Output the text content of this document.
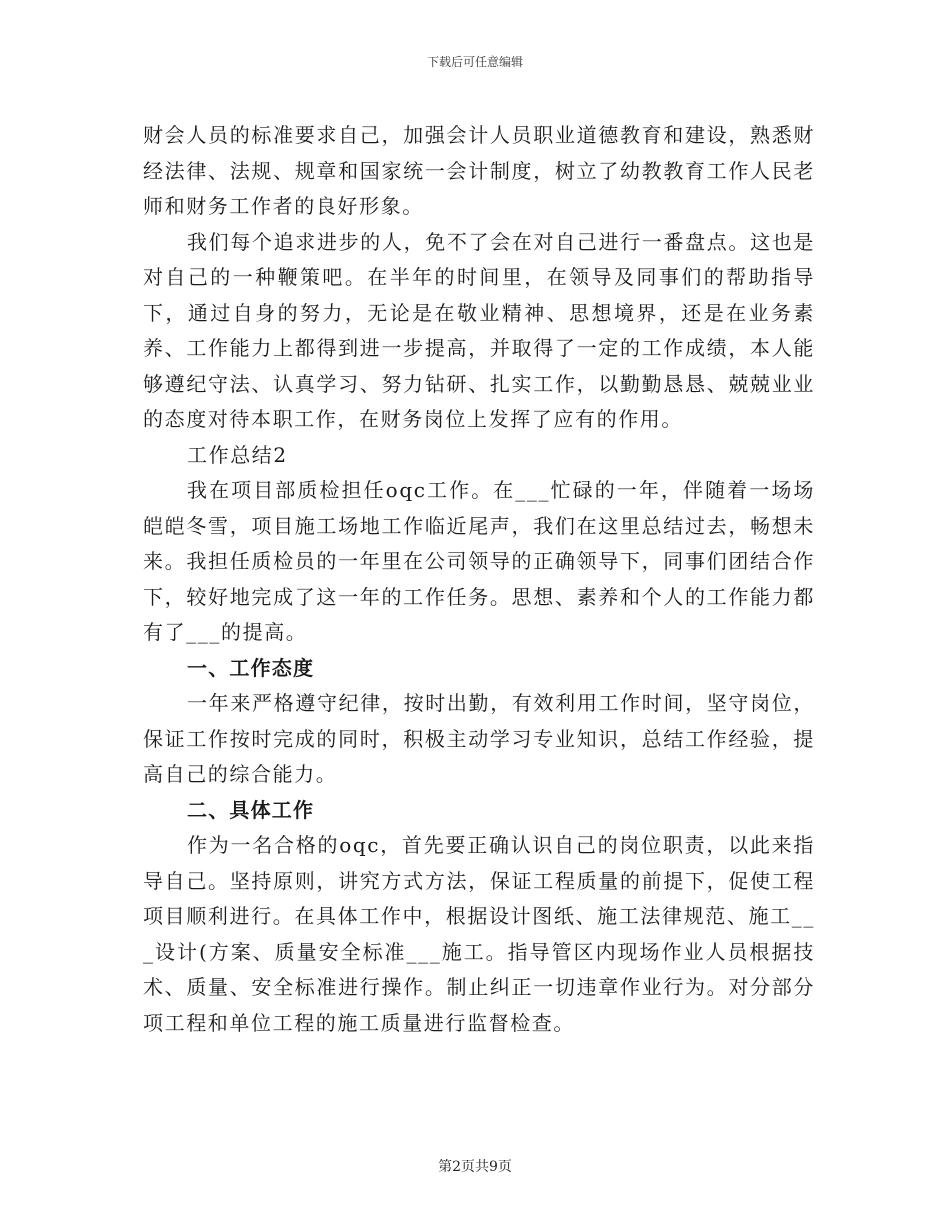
下载后可任意编辑

财会人员的标准要求自己，加强会计人员职业道德教育和建设，熟悉财经法律、法规、规章和国家统一会计制度，树立了幼教教育工作人民老师和财务工作者的良好形象。

我们每个追求进步的人，免不了会在对自己进行一番盘点。这也是对自己的一种鞭策吧。在半年的时间里，在领导及同事们的帮助指导下，通过自身的努力，无论是在敬业精神、思想境界，还是在业务素养、工作能力上都得到进一步提高，并取得了一定的工作成绩，本人能够遵纪守法、认真学习、努力钻研、扎实工作，以勤勤恳恳、兢兢业业的态度对待本职工作，在财务岗位上发挥了应有的作用。

工作总结2

我在项目部质检担任oqc工作。在___忙碌的一年，伴随着一场场皑皑冬雪，项目施工场地工作临近尾声，我们在这里总结过去，畅想未来。我担任质检员的一年里在公司领导的正确领导下，同事们团结合作下，较好地完成了这一年的工作任务。思想、素养和个人的工作能力都有了___的提高。

一、工作态度

一年来严格遵守纪律，按时出勤，有效利用工作时间，坚守岗位，保证工作按时完成的同时，积极主动学习专业知识，总结工作经验，提高自己的综合能力。

二、具体工作

作为一名合格的oqc，首先要正确认识自己的岗位职责，以此来指导自己。坚持原则，讲究方式方法，保证工程质量的前提下，促使工程项目顺利进行。在具体工作中，根据设计图纸、施工法律规范、施工___设计(方案、质量安全标准___施工。指导管区内现场作业人员根据技术、质量、安全标准进行操作。制止纠正一切违章作业行为。对分部分项工程和单位工程的施工质量进行监督检查。

第2页共9页
